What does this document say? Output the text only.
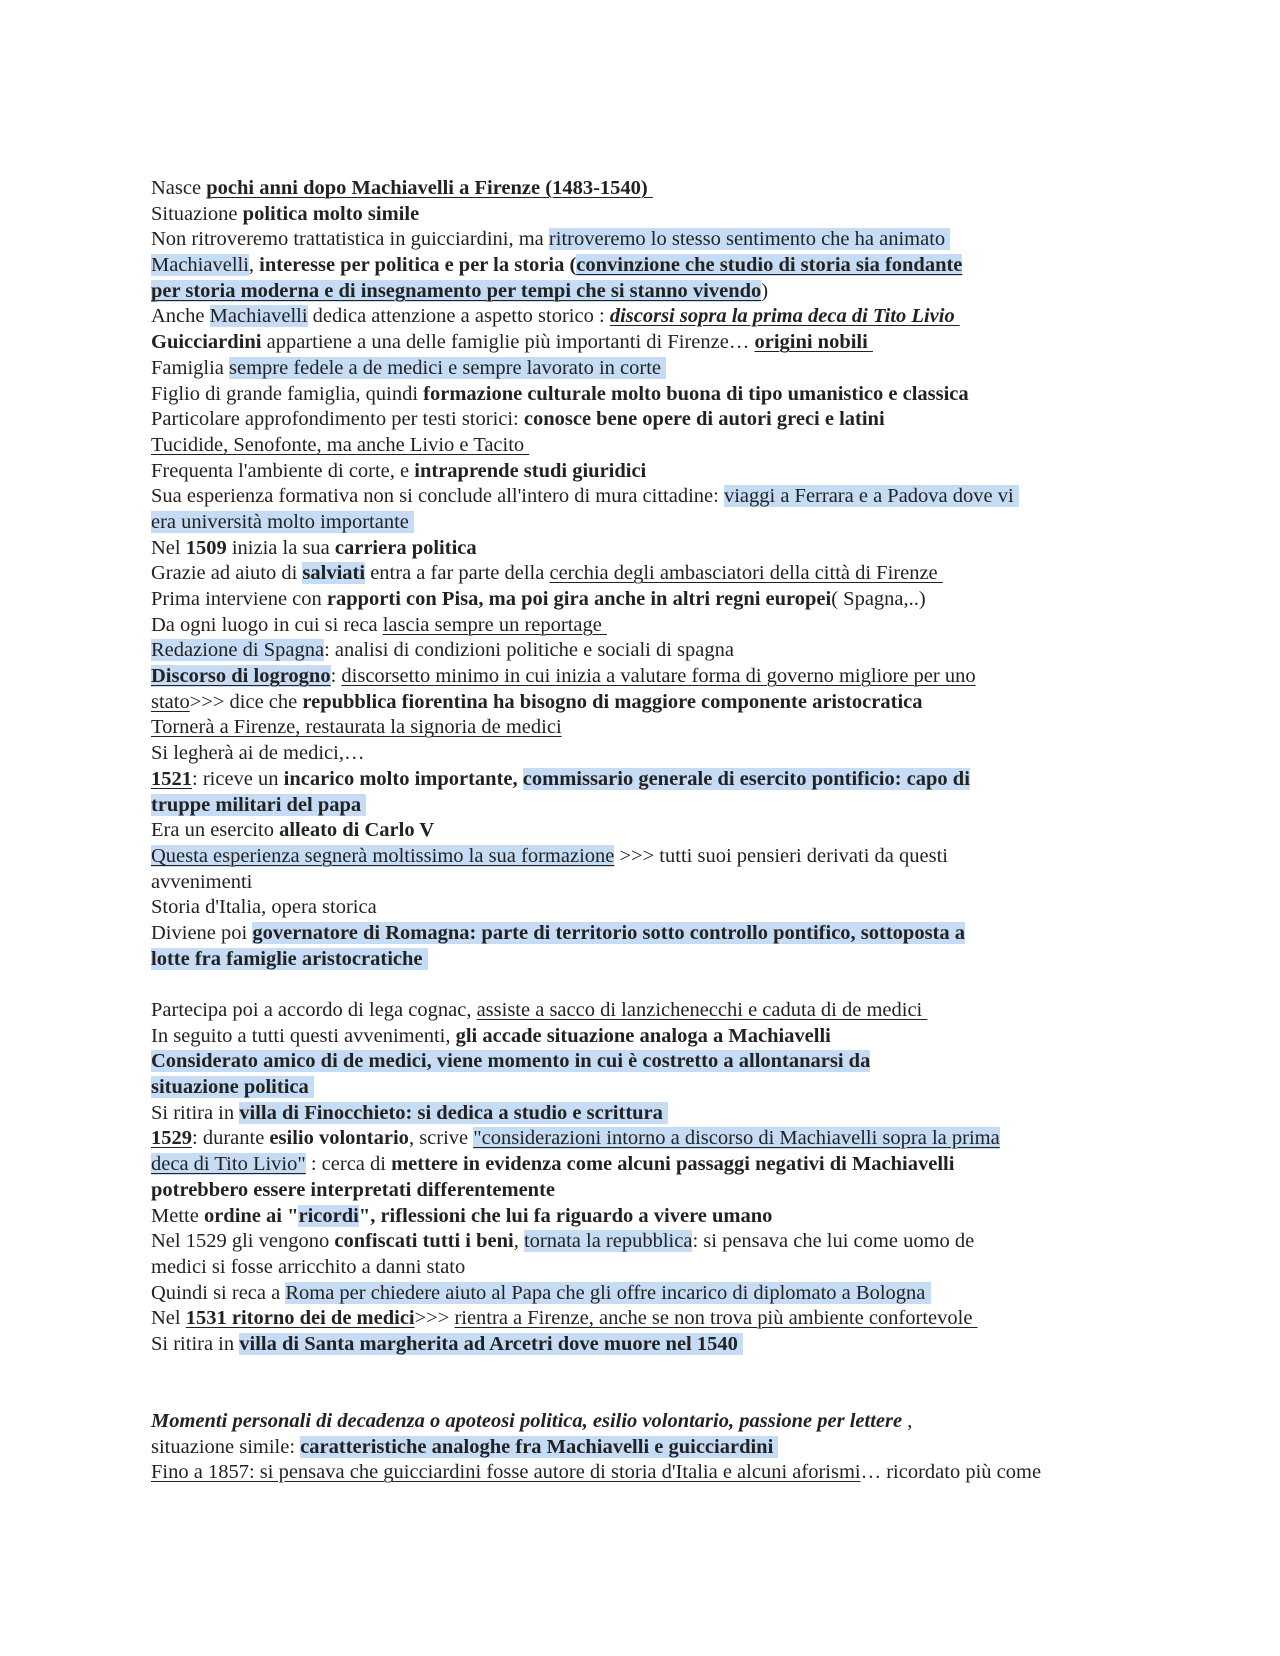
Nasce pochi anni dopo Machiavelli a Firenze (1483-1540)
Situazione politica molto simile
Non ritroveremo trattatistica in guicciardini, ma ritroveremo lo stesso sentimento che ha animato
Machiavelli, interesse per politica e per la storia (convinzione che studio di storia sia fondante
per storia moderna e di insegnamento per tempi che si stanno vivendo)
Anche Machiavelli dedica attenzione a aspetto storico : discorsi sopra la prima deca di Tito Livio
Guicciardini appartiene a una delle famiglie più importanti di Firenze… origini nobili
Famiglia sempre fedele a de medici e sempre lavorato in corte
Figlio di grande famiglia, quindi formazione culturale molto buona di tipo umanistico e classica
Particolare approfondimento per testi storici: conosce bene opere di autori greci e latini
Tucidide, Senofonte, ma anche Livio e Tacito
Frequenta l'ambiente di corte, e intraprende studi giuridici
Sua esperienza formativa non si conclude all'intero di mura cittadine: viaggi a Ferrara e a Padova dove vi
era università molto importante
Nel 1509 inizia la sua carriera politica
Grazie ad aiuto di salviati entra a far parte della cerchia degli ambasciatori della città di Firenze
Prima interviene con rapporti con Pisa, ma poi gira anche in altri regni europei( Spagna,..)
Da ogni luogo in cui si reca lascia sempre un reportage
Redazione di Spagna: analisi di condizioni politiche e sociali di spagna
Discorso di logrogno: discorsetto minimo in cui inizia a valutare forma di governo migliore per uno
stato>>> dice che repubblica fiorentina ha bisogno di maggiore componente aristocratica
Tornerà a Firenze, restaurata la signoria de medici
Si legherà ai de medici,…
1521: riceve un incarico molto importante, commissario generale di esercito pontificio: capo di
truppe militari del papa
Era un esercito alleato di Carlo V
Questa esperienza segnerà moltissimo la sua formazione >>> tutti suoi pensieri derivati da questi
avvenimenti
Storia d'Italia, opera storica
Diviene poi governatore di Romagna: parte di territorio sotto controllo pontifico, sottoposta a
lotte fra famiglie aristocratiche
Partecipa poi a accordo di lega cognac, assiste a sacco di lanzichenecchi e caduta di de medici
In seguito a tutti questi avvenimenti, gli accade situazione analoga a Machiavelli
Considerato amico di de medici, viene momento in cui è costretto a allontanarsi da
situazione politica
Si ritira in villa di Finocchieto: si dedica a studio e scrittura
1529: durante esilio volontario, scrive "considerazioni intorno a discorso di Machiavelli sopra la prima
deca di Tito Livio" : cerca di mettere in evidenza come alcuni passaggi negativi di Machiavelli
potrebbero essere interpretati differentemente
Mette ordine ai "ricordi", riflessioni che lui fa riguardo a vivere umano
Nel 1529 gli vengono confiscati tutti i beni, tornata la repubblica: si pensava che lui come uomo de
medici si fosse arricchito a danni stato
Quindi si reca a Roma per chiedere aiuto al Papa che gli offre incarico di diplomato a Bologna
Nel 1531 ritorno dei de medici>>> rientra a Firenze, anche se non trova più ambiente confortevole
Si ritira in villa di Santa margherita ad Arcetri dove muore nel 1540
Momenti personali di decadenza o apoteosi politica, esilio volontario, passione per lettere ,
situazione simile: caratteristiche analoghe fra Machiavelli e guicciardini
Fino a 1857: si pensava che guicciardini fosse autore di storia d'Italia e alcuni aforismi… ricordato più come
